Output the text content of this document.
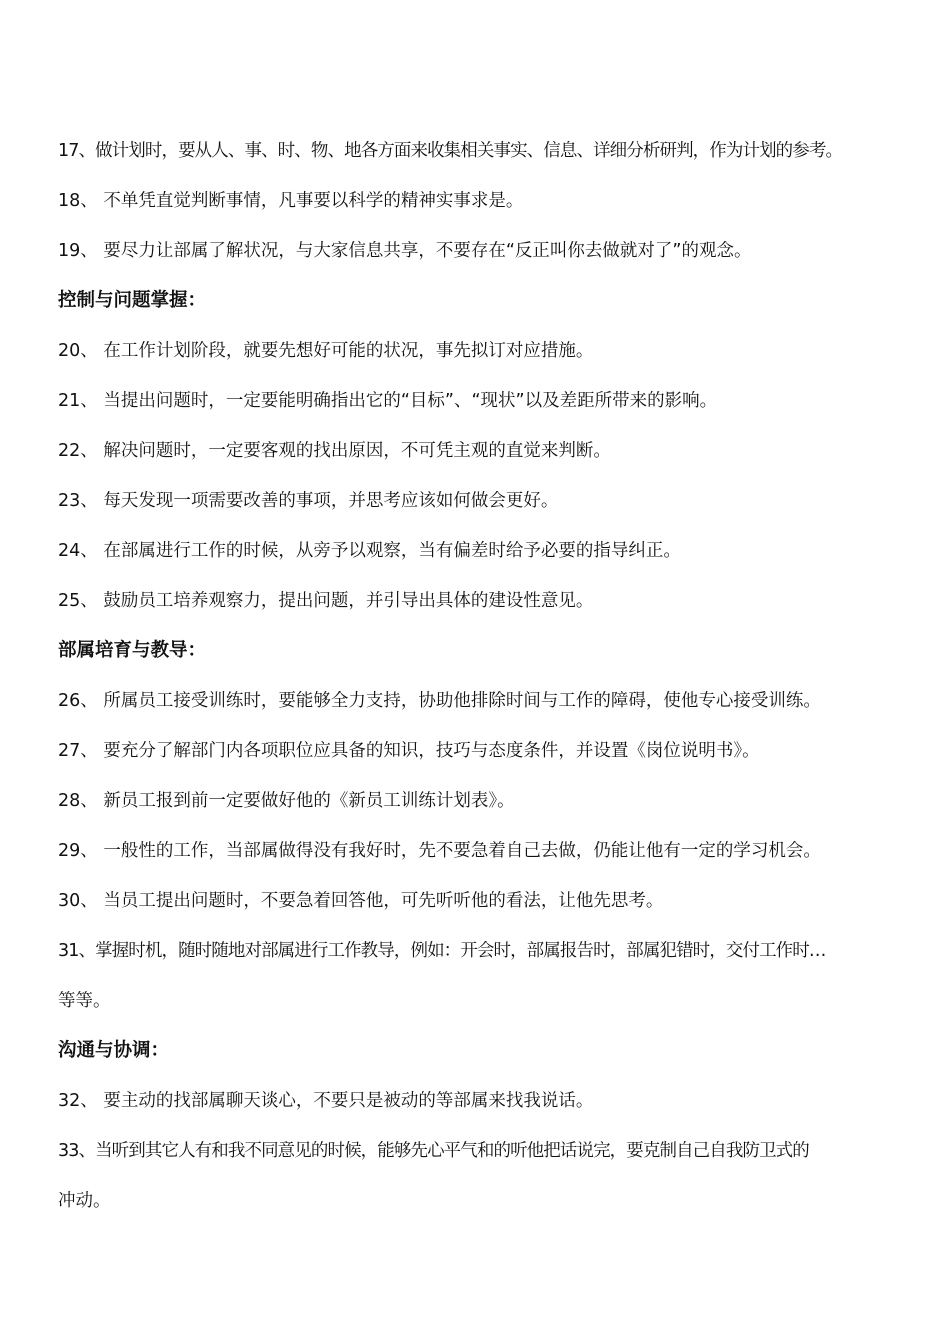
17、做计划时，要从人、事、时、物、地各方面来收集相关事实、信息、详细分析研判，作为计划的参考。
18、 不单凭直觉判断事情，凡事要以科学的精神实事求是。
19、 要尽力让部属了解状况，与大家信息共享，不要存在“反正叫你去做就对了”的观念。
控制与问题掌握：
20、 在工作计划阶段，就要先想好可能的状况，事先拟订对应措施。
21、 当提出问题时，一定要能明确指出它的“目标”、“现状”以及差距所带来的影响。
22、 解决问题时，一定要客观的找出原因，不可凭主观的直觉来判断。
23、 每天发现一项需要改善的事项，并思考应该如何做会更好。
24、 在部属进行工作的时候，从旁予以观察，当有偏差时给予必要的指导纠正。
25、 鼓励员工培养观察力，提出问题，并引导出具体的建设性意见。
部属培育与教导：
26、 所属员工接受训练时，要能够全力支持，协助他排除时间与工作的障碍，使他专心接受训练。
27、 要充分了解部门内各项职位应具备的知识，技巧与态度条件，并设置《岗位说明书》。
28、 新员工报到前一定要做好他的《新员工训练计划表》。
29、 一般性的工作，当部属做得没有我好时，先不要急着自己去做，仍能让他有一定的学习机会。
30、 当员工提出问题时，不要急着回答他，可先听听他的看法，让他先思考。
31、掌握时机，随时随地对部属进行工作教导，例如：开会时，部属报告时，部属犯错时，交付工作时…
等等。
沟通与协调：
32、 要主动的找部属聊天谈心，不要只是被动的等部属来找我说话。
33、当听到其它人有和我不同意见的时候，能够先心平气和的听他把话说完，要克制自己自我防卫式的
冲动。
